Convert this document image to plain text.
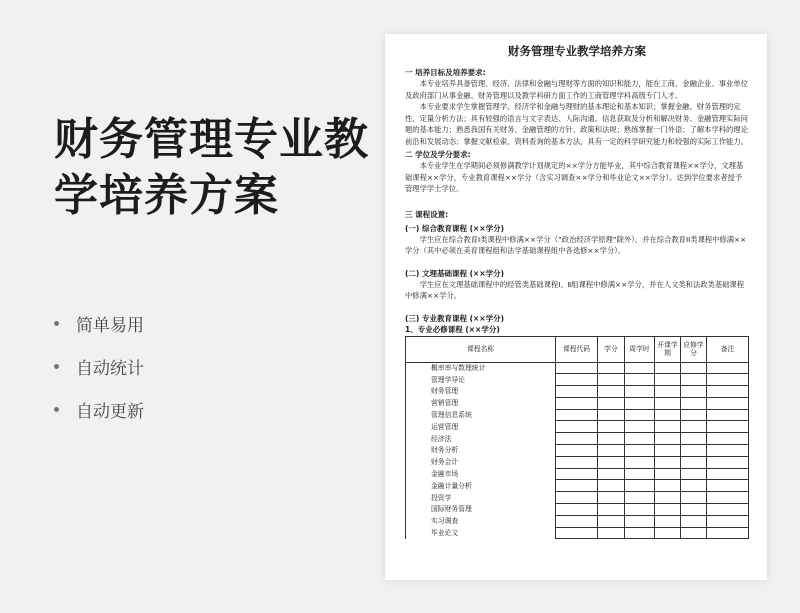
财务管理专业教学培养方案
简单易用
自动统计
自动更新
财务管理专业教学培养方案
一 培养目标及培养要求:
本专业培养具备管理、经济、法律和金融与理财等方面的知识和能力，能在工商、金融企业、事业单位及政府部门从事金融、财务管理以及教学科研方面工作的工商管理学科高级专门人才。
本专业要求学生掌握管理学、经济学和金融与理财的基本理论和基本知识；掌握金融、财务管理的定性、定量分析方法；具有较强的语言与文字表达、人际沟通、信息获取及分析和解决财务、金融管理实际问题的基本能力；熟悉我国有关财务、金融管理的方针、政策和法规；熟练掌握一门外语；了解本学科的理论前沿和发展动态；掌握文献检索、资料查询的基本方法，具有一定的科学研究能力和较强的实际工作能力。
二 学位及学分要求:
本专业学生在学期间必须修满教学计划规定的××学分方能毕业，其中综合教育课程××学分，文理基础课程××学分，专业教育课程××学分（含实习调查××学分和毕业论文××学分）。达到学位要求者授予管理学学士学位。
三 课程设置:
(一) 综合教育课程 (××学分)
学生应在综合教育I类课程中修满××学分（“政治经济学原理”除外），并在综合教育II类课程中修满××学分（其中必须在美育课程组和法学基础课程组中各选修××学分）。
(二) 文理基础课程 (××学分)
学生应在文理基础课程中的经管类基础课程Ⅰ、Ⅱ组课程中修满××学分，并在人文类和法政类基础课程中修满××学分。
(三) 专业教育课程 (××学分)
1、专业必修课程 (××学分)
课程名称	课程代码	学分	周学时	开课学期	应修学分	备注
概率率与数理统计						
管理学导论						
财务管理						
营销管理						
管理信息系统						
运营管理						
经济法						
财务分析						
财务会计						
金融市场						
金融计量分析						
投资学						
国际财务管理						
实习调查						
毕业论文						
